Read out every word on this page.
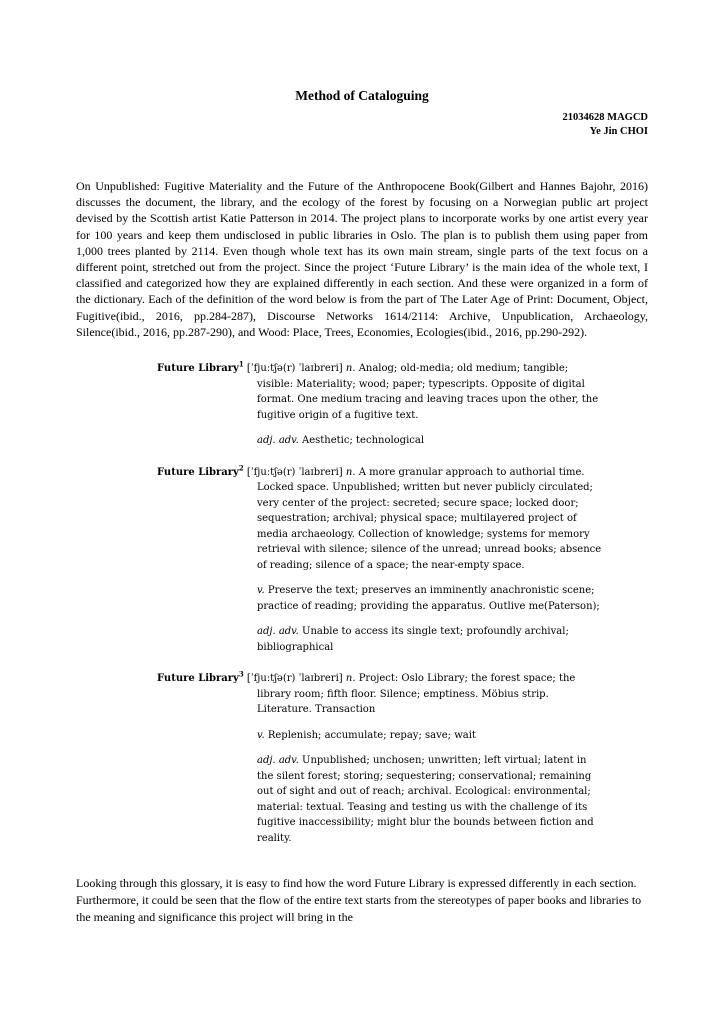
Method of Cataloguing
21034628 MAGCD
Ye Jin CHOI

On Unpublished: Fugitive Materiality and the Future of the Anthropocene Book(Gilbert and Hannes Bajohr, 2016) discusses the document, the library, and the ecology of the forest by focusing on a Norwegian public art project devised by the Scottish artist Katie Patterson in 2014. The project plans to incorporate works by one artist every year for 100 years and keep them undisclosed in public libraries in Oslo. The plan is to publish them using paper from 1,000 trees planted by 2114. Even though whole text has its own main stream, single parts of the text focus on a different point, stretched out from the project. Since the project ‘Future Library’ is the main idea of the whole text, I classified and categorized how they are explained differently in each section. And these were organized in a form of the dictionary. Each of the definition of the word below is from the part of The Later Age of Print: Document, Object, Fugitive(ibid., 2016, pp.284-287), Discourse Networks 1614/2114: Archive, Unpublication, Archaeology, Silence(ibid., 2016, pp.287-290), and Wood: Place, Trees, Economies, Ecologies(ibid., 2016, pp.290-292).

Future Library$^1$ [ˈfjuːtʃə(r) ˈlaɪbreri] n. Analog; old-media; old medium; tangible; visible: Materiality; wood; paper; typescripts. Opposite of digital format. One medium tracing and leaving traces upon the other, the fugitive origin of a fugitive text.

adj. adv. Aesthetic; technological

Future Library$^2$ [ˈfjuːtʃə(r) ˈlaɪbreri] n. A more granular approach to authorial time. Locked space. Unpublished; written but never publicly circulated; very center of the project: secreted; secure space; locked door; sequestration; archival; physical space; multilayered project of media archaeology. Collection of knowledge; systems for memory retrieval with silence; silence of the unread; unread books; absence of reading; silence of a space; the near-empty space.

v. Preserve the text; preserves an imminently anachronistic scene; practice of reading; providing the apparatus. Outlive me(Paterson);

adj. adv. Unable to access its single text; profoundly archival; bibliographical

Future Library$^3$ [ˈfjuːtʃə(r) ˈlaɪbreri] n. Project: Oslo Library; the forest space; the library room; fifth floor. Silence; emptiness. Möbius strip. Literature. Transaction

v. Replenish; accumulate; repay; save; wait

adj. adv. Unpublished; unchosen; unwritten; left virtual; latent in the silent forest; storing; sequestering; conservational; remaining out of sight and out of reach; archival. Ecological: environmental; material: textual. Teasing and testing us with the challenge of its fugitive inaccessibility; might blur the bounds between fiction and reality.

Looking through this glossary, it is easy to find how the word Future Library is expressed differently in each section. Furthermore, it could be seen that the flow of the entire text starts from the stereotypes of paper books and libraries to the meaning and significance this project will bring in the
